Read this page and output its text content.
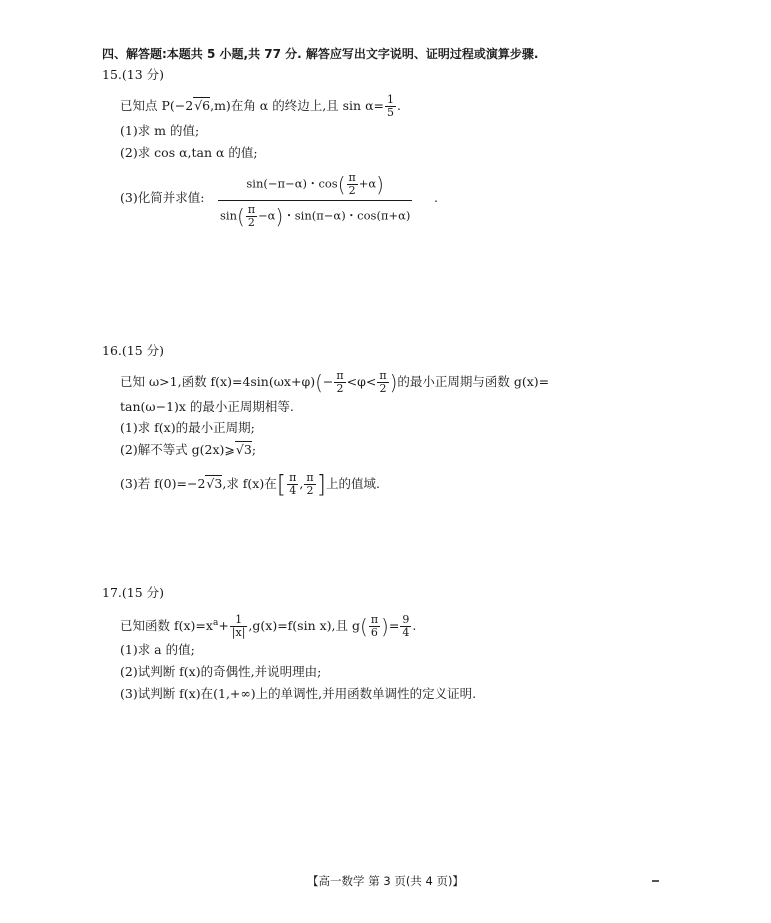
四、解答题:本题共 5 小题,共 77 分. 解答应写出文字说明、证明过程或演算步骤.
15.(13 分)
已知点 P(−2√6,m)在角 α 的终边上,且 $\sin \alpha= \frac{1}{5}$ .
(1)求 m 的值;
(2)求 cos α,tan α 的值;
(3)化简并求值: $\frac{\sin(-\pi-\alpha)・\cos( \frac{\pi}{2} +\alpha)}{\sin( \frac{\pi}{2} -\alpha)・\sin(\pi-\alpha)・\cos(\pi+\alpha)}$ .
16.(15 分)
已知 ω>1,函数 $f(x)=4\sin(\omega x+\varphi)(- \frac{\pi}{2} <\varphi< \frac{\pi}{2}$ )的最小正周期与函数 g(x)=
tan(ω−1)x 的最小正周期相等.
(1)求 f(x)的最小正周期;
(2)解不等式 g(2x)⩾√3;
(3)若 f(0)=−2√3,求 f(x)在[ $\frac{\pi}{4}$ , $\frac{\pi}{2}$ ]上的值域.
17.(15 分)
已知函数 $f(x)=x^a+ \frac{1}{|x|} ,g(x)=f(\sin$ x),且 $g( \frac{\pi}{6}$ )= $\frac{9}{4}$ .
(1)求 a 的值;
(2)试判断 f(x)的奇偶性,并说明理由;
(3)试判断 f(x)在(1,+∞)上的单调性,并用函数单调性的定义证明.
【高一数学 第 3 页(共 4 页)】
